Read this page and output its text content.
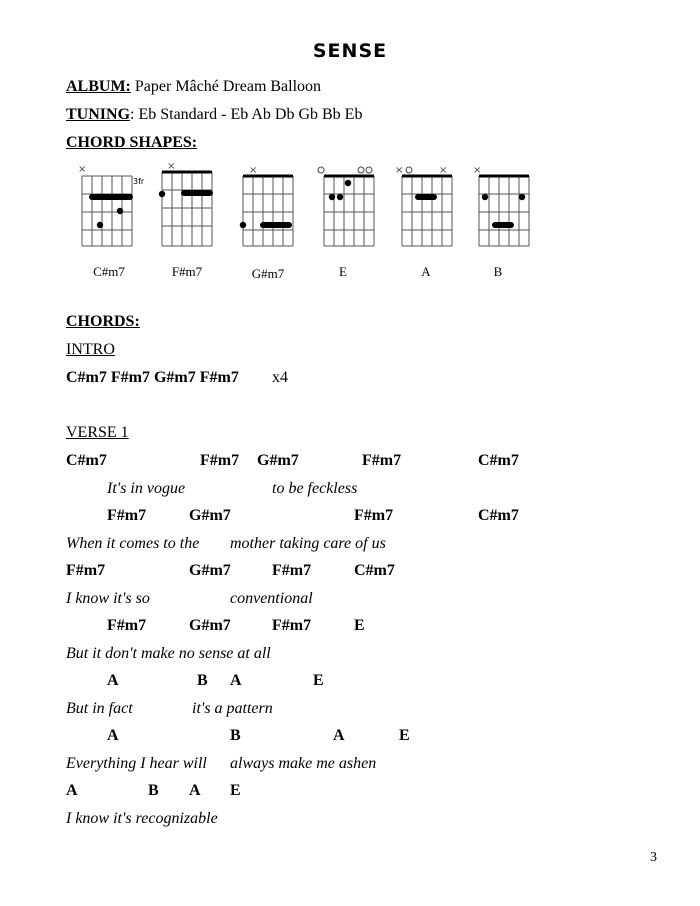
SENSE
ALBUM: Paper Mâché Dream Balloon
TUNING: Eb Standard - Eb Ab Db Gb Bb Eb
CHORD SHAPES:
×
3fr
×	×	×	×	×
C#m7	F#m7	G#m7	E	A	B
CHORDS:
INTRO
C#m7 F#m7 G#m7 F#m7 x4
VERSE 1
C#m7	F#m7 G#m7	F#m7	C#m7
It's in vogue	to be feckless
F#m7	G#m7	F#m7	C#m7
When it comes to the mother taking care of us
F#m7	G#m7	F#m7	C#m7
I know it's so	conventional
F#m7	G#m7	F#m7	E
But it don't make no sense at all
A	B A	E
But in fact	it's a pattern
A	B	A	E
Everything I hear will always make me ashen
A	B A E
I know it's recognizable
3
